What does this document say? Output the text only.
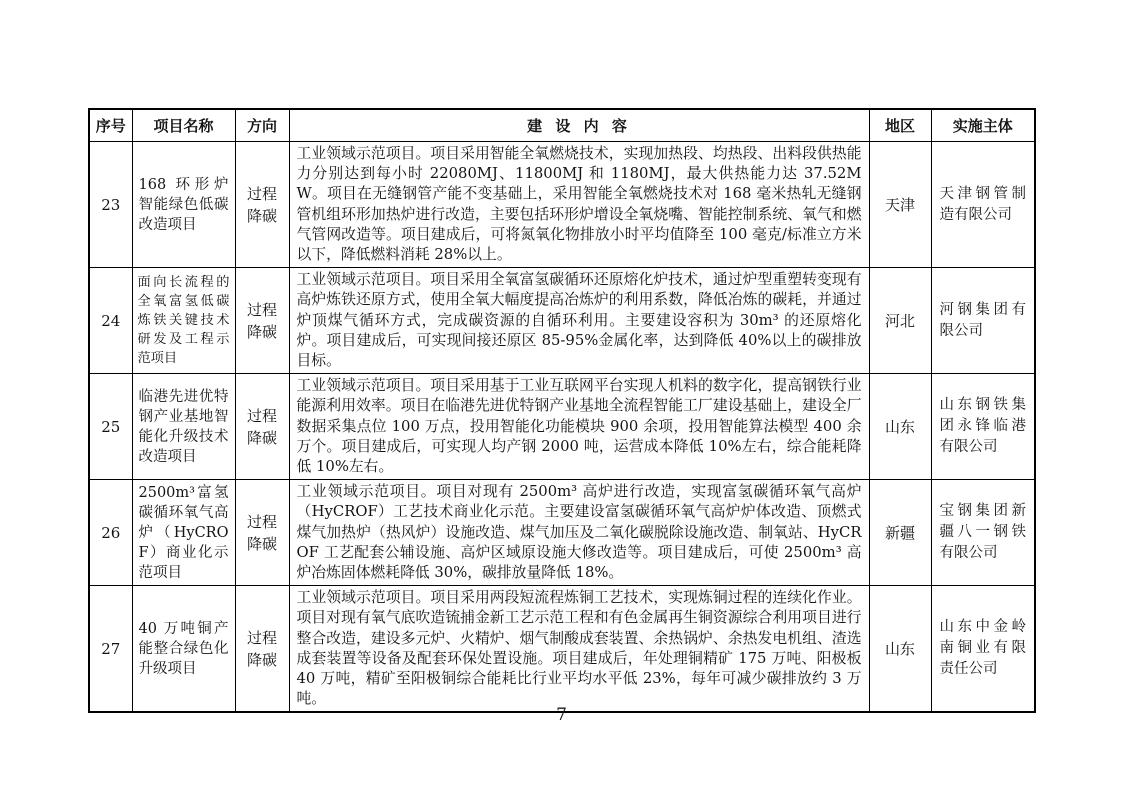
序号	项目名称	方向	建 设 内 容	地区	实施主体
23	168 环形炉智能绿色低碳改造项目	过程降碳	工业领域示范项目。项目采用智能全氧燃烧技术，实现加热段、均热段、出料段供热能力分别达到每小时 22080MJ、11800MJ 和 1180MJ，最大供热能力达 37.52MW。项目在无缝钢管产能不变基础上，采用智能全氧燃烧技术对 168 毫米热轧无缝钢管机组环形加热炉进行改造，主要包括环形炉增设全氧烧嘴、智能控制系统、氧气和燃气管网改造等。项目建成后，可将氮氧化物排放小时平均值降至 100 毫克/标准立方米以下，降低燃料消耗 28%以上。	天津	天津钢管制造有限公司
24	面向长流程的全氧富氢低碳炼铁关键技术研发及工程示范项目	过程降碳	工业领域示范项目。项目采用全氧富氢碳循环还原熔化炉技术，通过炉型重塑转变现有高炉炼铁还原方式，使用全氧大幅度提高冶炼炉的利用系数，降低冶炼的碳耗，并通过炉顶煤气循环方式，完成碳资源的自循环利用。主要建设容积为 30m³ 的还原熔化炉。项目建成后，可实现间接还原区 85-95%金属化率，达到降低 40%以上的碳排放目标。	河北	河钢集团有限公司
25	临港先进优特钢产业基地智能化升级技术改造项目	过程降碳	工业领域示范项目。项目采用基于工业互联网平台实现人机料的数字化，提高钢铁行业能源利用效率。项目在临港先进优特钢产业基地全流程智能工厂建设基础上，建设全厂数据采集点位 100 万点，投用智能化功能模块 900 余项，投用智能算法模型 400 余万个。项目建成后，可实现人均产钢 2000 吨，运营成本降低 10%左右，综合能耗降低 10%左右。	山东	山东钢铁集团永锋临港有限公司
26	2500m³富氢碳循环氧气高炉（HyCROF）商业化示范项目	过程降碳	工业领域示范项目。项目对现有 2500m³ 高炉进行改造，实现富氢碳循环氧气高炉（HyCROF）工艺技术商业化示范。主要建设富氢碳循环氧气高炉炉体改造、顶燃式煤气加热炉（热风炉）设施改造、煤气加压及二氧化碳脱除设施改造、制氧站、HyCROF 工艺配套公辅设施、高炉区域原设施大修改造等。项目建成后，可使 2500m³ 高炉冶炼固体燃耗降低 30%，碳排放量降低 18%。	新疆	宝钢集团新疆八一钢铁有限公司
27	40 万吨铜产能整合绿色化升级项目	过程降碳	工业领域示范项目。项目采用两段短流程炼铜工艺技术，实现炼铜过程的连续化作业。项目对现有氧气底吹造锍捕金新工艺示范工程和有色金属再生铜资源综合利用项目进行整合改造，建设多元炉、火精炉、烟气制酸成套装置、余热锅炉、余热发电机组、渣选成套装置等设备及配套环保处置设施。项目建成后，年处理铜精矿 175 万吨、阳极板 40 万吨，精矿至阳极铜综合能耗比行业平均水平低 23%，每年可减少碳排放约 3 万吨。	山东	山东中金岭南铜业有限责任公司
7
